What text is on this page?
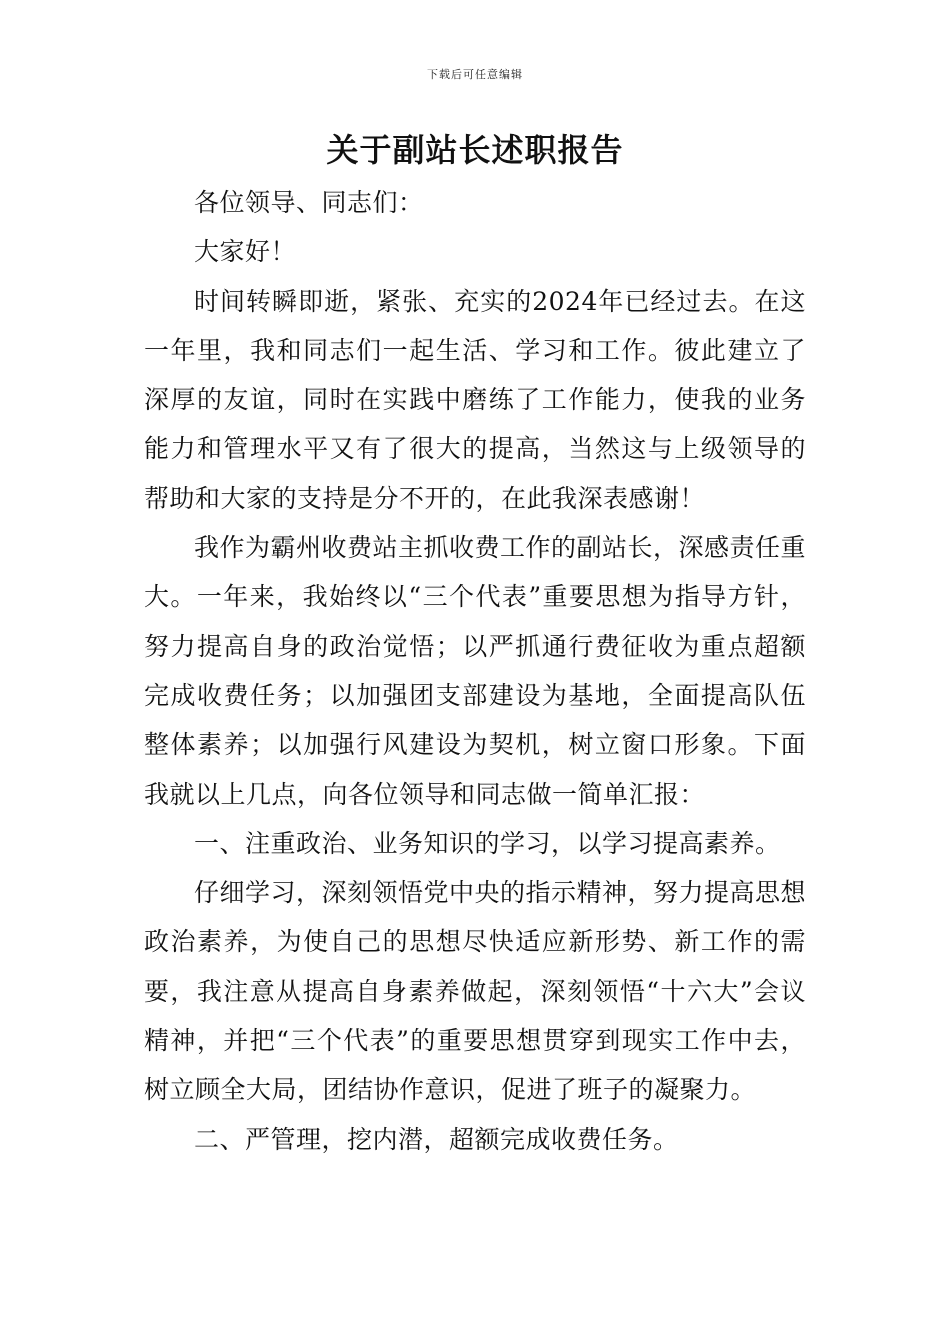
下载后可任意编辑
关于副站长述职报告

各位领导、同志们：

大家好！

时间转瞬即逝，紧张、充实的2024年已经过去。在这一年里，我和同志们一起生活、学习和工作。彼此建立了深厚的友谊，同时在实践中磨练了工作能力，使我的业务能力和管理水平又有了很大的提高，当然这与上级领导的帮助和大家的支持是分不开的，在此我深表感谢！

我作为霸州收费站主抓收费工作的副站长，深感责任重大。一年来，我始终以“三个代表”重要思想为指导方针，努力提高自身的政治觉悟；以严抓通行费征收为重点超额完成收费任务；以加强团支部建设为基地，全面提高队伍整体素养；以加强行风建设为契机，树立窗口形象。下面我就以上几点，向各位领导和同志做一简单汇报：

一、注重政治、业务知识的学习，以学习提高素养。

仔细学习，深刻领悟党中央的指示精神，努力提高思想政治素养，为使自己的思想尽快适应新形势、新工作的需要，我注意从提高自身素养做起，深刻领悟“十六大”会议精神，并把“三个代表”的重要思想贯穿到现实工作中去，树立顾全大局，团结协作意识，促进了班子的凝聚力。

二、严管理，挖内潜，超额完成收费任务。
